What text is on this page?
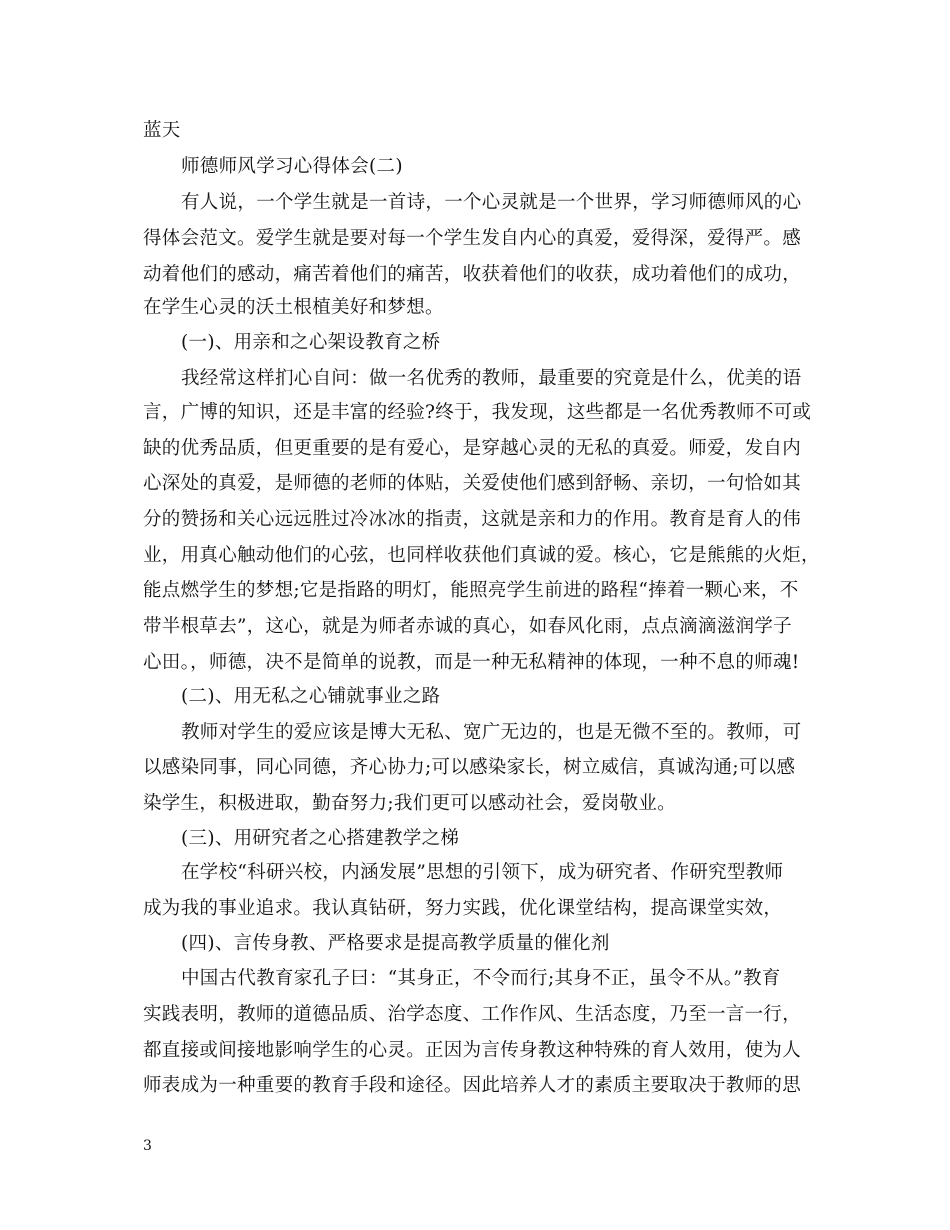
蓝天
师德师风学习心得体会(二)
有人说，一个学生就是一首诗，一个心灵就是一个世界，学习师德师风的心
得体会范文。爱学生就是要对每一个学生发自内心的真爱，爱得深，爱得严。感
动着他们的感动，痛苦着他们的痛苦，收获着他们的收获，成功着他们的成功，
在学生心灵的沃土根植美好和梦想。
(一)、用亲和之心架设教育之桥
我经常这样扪心自问：做一名优秀的教师，最重要的究竟是什么，优美的语
言，广博的知识，还是丰富的经验?终于，我发现，这些都是一名优秀教师不可或
缺的优秀品质，但更重要的是有爱心，是穿越心灵的无私的真爱。师爱，发自内
心深处的真爱，是师德的老师的体贴，关爱使他们感到舒畅、亲切，一句恰如其
分的赞扬和关心远远胜过冷冰冰的指责，这就是亲和力的作用。教育是育人的伟
业，用真心触动他们的心弦，也同样收获他们真诚的爱。核心，它是熊熊的火炬，
能点燃学生的梦想;它是指路的明灯，能照亮学生前进的路程“捧着一颗心来，不
带半根草去”，这心，就是为师者赤诚的真心，如春风化雨，点点滴滴滋润学子
心田。，师德，决不是简单的说教，而是一种无私精神的体现，一种不息的师魂!
(二)、用无私之心铺就事业之路
教师对学生的爱应该是博大无私、宽广无边的，也是无微不至的。教师，可
以感染同事，同心同德，齐心协力;可以感染家长，树立威信，真诚沟通;可以感
染学生，积极进取，勤奋努力;我们更可以感动社会，爱岗敬业。
(三)、用研究者之心搭建教学之梯
在学校“科研兴校，内涵发展”思想的引领下，成为研究者、作研究型教师
成为我的事业追求。我认真钻研，努力实践，优化课堂结构，提高课堂实效，
(四)、言传身教、严格要求是提高教学质量的催化剂
中国古代教育家孔子曰：“其身正，不令而行;其身不正，虽令不从。”教育
实践表明，教师的道德品质、治学态度、工作作风、生活态度，乃至一言一行，
都直接或间接地影响学生的心灵。正因为言传身教这种特殊的育人效用，使为人
师表成为一种重要的教育手段和途径。因此培养人才的素质主要取决于教师的思
3
